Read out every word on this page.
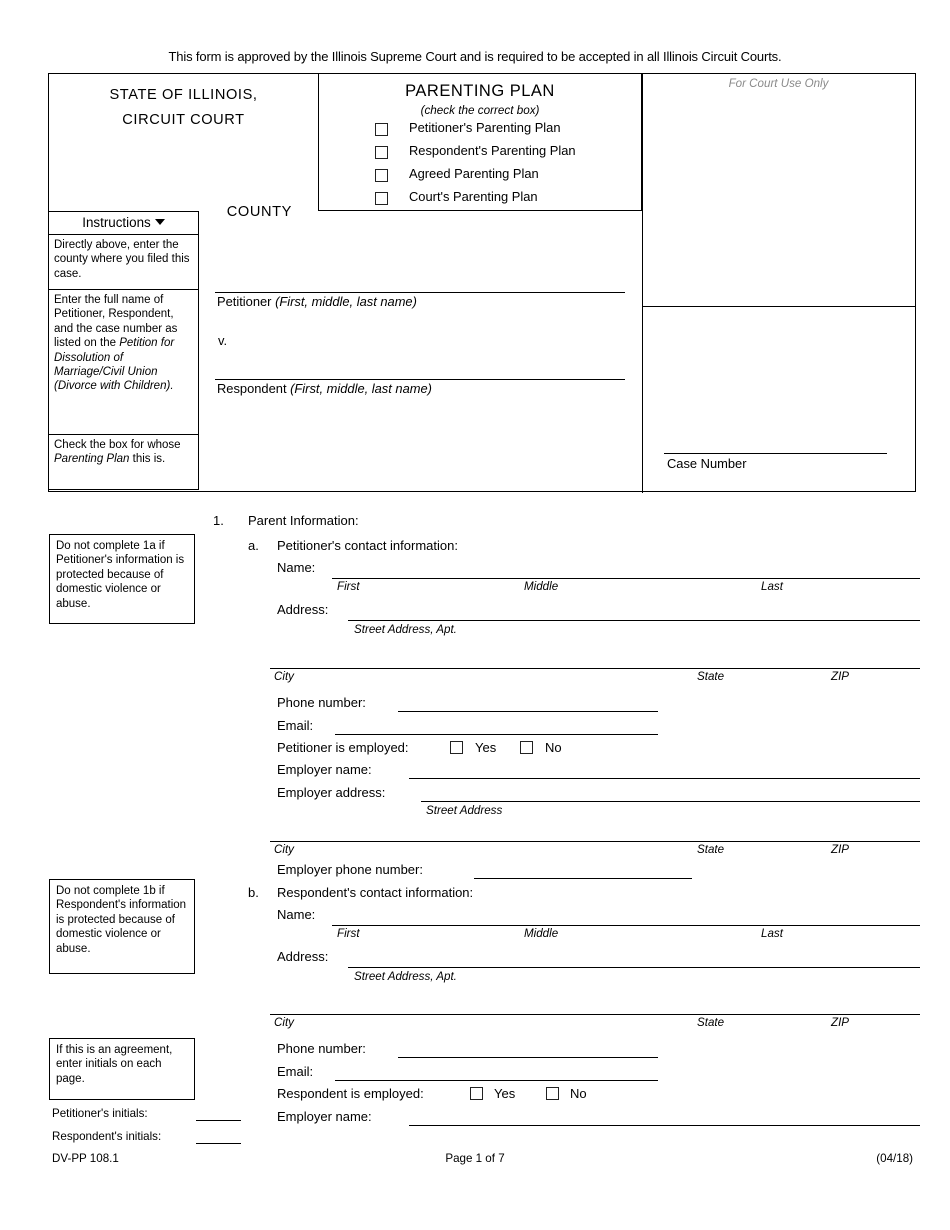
This form is approved by the Illinois Supreme Court and is required to be accepted in all Illinois Circuit Courts.
STATE OF ILLINOIS,
CIRCUIT COURT
COUNTY
PARENTING PLAN
(check the correct box)
Petitioner's Parenting Plan
Respondent's Parenting Plan
Agreed Parenting Plan
Court's Parenting Plan
Instructions
Directly above, enter the county where you filed this case.
Enter the full name of Petitioner, Respondent, and the case number as listed on the Petition for Dissolution of Marriage/Civil Union (Divorce with Children).
Check the box for whose Parenting Plan this is.
Petitioner (First, middle, last name)
v.
Respondent (First, middle, last name)
For Court Use Only
Case Number
1. Parent Information:
Do not complete 1a if Petitioner's information is protected because of domestic violence or abuse.
a. Petitioner's contact information:
Name:
First	Middle	Last
Address:
Street Address, Apt.
City	State	ZIP
Phone number:
Email:
Petitioner is employed:	Yes	No
Employer name:
Employer address:
Street Address
City	State	ZIP
Employer phone number:
Do not complete 1b if Respondent's information is protected because of domestic violence or abuse.
b. Respondent's contact information:
Name:
First	Middle	Last
Address:
Street Address, Apt.
City	State	ZIP
Phone number:
Email:
Respondent is employed:	Yes	No
Employer name:
If this is an agreement, enter initials on each page.
Petitioner's initials:
Respondent's initials:
DV-PP 108.1	Page 1 of 7	(04/18)
